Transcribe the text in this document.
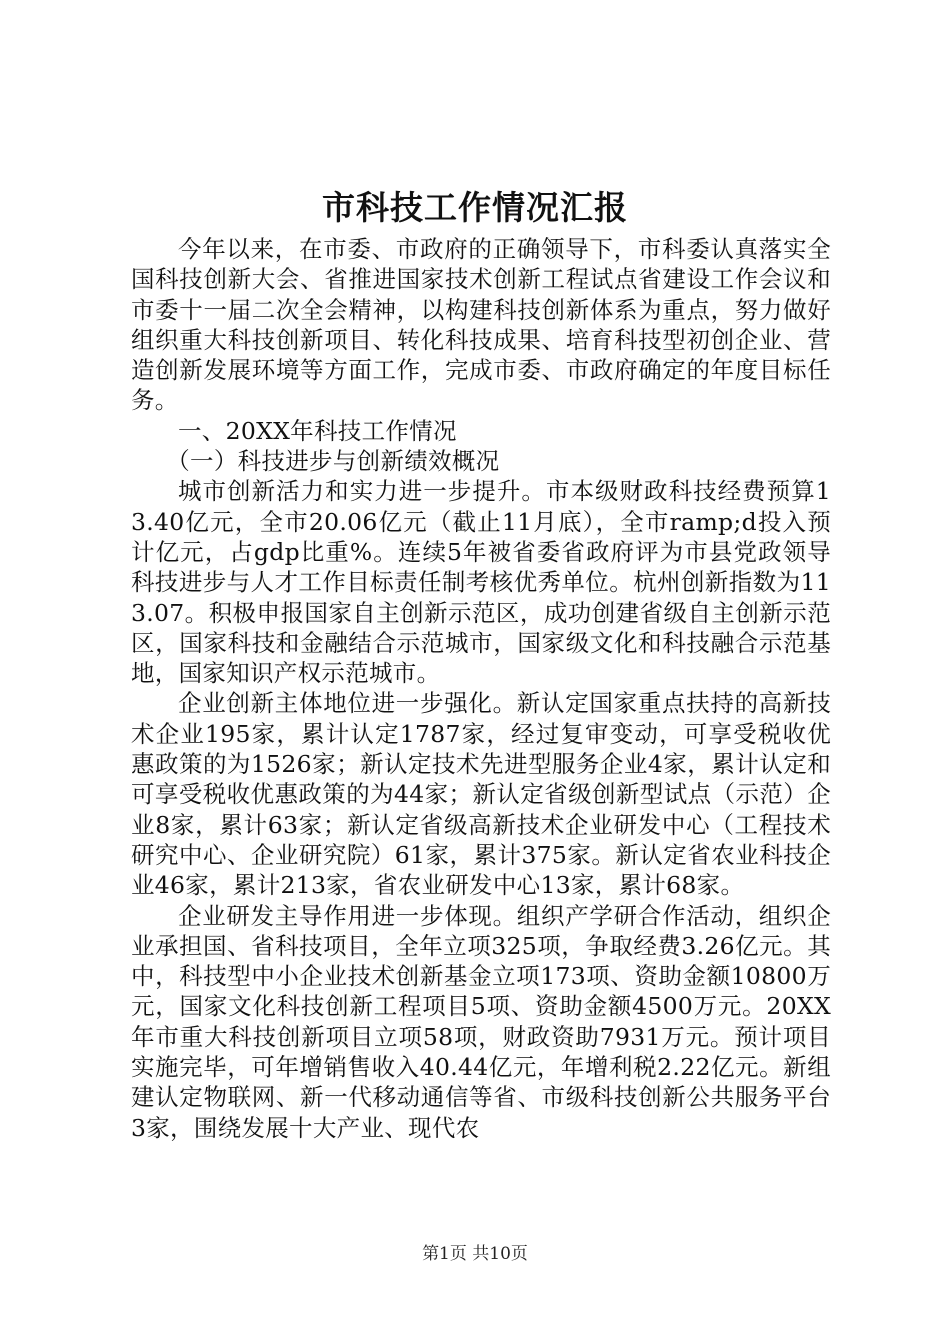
市科技工作情况汇报

今年以来，在市委、市政府的正确领导下，市科委认真落实全国科技创新大会、省推进国家技术创新工程试点省建设工作会议和市委十一届二次全会精神，以构建科技创新体系为重点，努力做好组织重大科技创新项目、转化科技成果、培育科技型初创企业、营造创新发展环境等方面工作，完成市委、市政府确定的年度目标任务。

一、20XX年科技工作情况

（一）科技进步与创新绩效概况

城市创新活力和实力进一步提升。市本级财政科技经费预算13.40亿元，全市20.06亿元（截止11月底），全市ramp;d投入预计亿元，占gdp比重%。连续5年被省委省政府评为市县党政领导科技进步与人才工作目标责任制考核优秀单位。杭州创新指数为113.07。积极申报国家自主创新示范区，成功创建省级自主创新示范区，国家科技和金融结合示范城市，国家级文化和科技融合示范基地，国家知识产权示范城市。

企业创新主体地位进一步强化。新认定国家重点扶持的高新技术企业195家，累计认定1787家，经过复审变动，可享受税收优惠政策的为1526家；新认定技术先进型服务企业4家，累计认定和可享受税收优惠政策的为44家；新认定省级创新型试点（示范）企业8家，累计63家；新认定省级高新技术企业研发中心（工程技术研究中心、企业研究院）61家，累计375家。新认定省农业科技企业46家，累计213家，省农业研发中心13家，累计68家。

企业研发主导作用进一步体现。组织产学研合作活动，组织企业承担国、省科技项目，全年立项325项，争取经费3.26亿元。其中，科技型中小企业技术创新基金立项173项、资助金额10800万元，国家文化科技创新工程项目5项、资助金额4500万元。20XX年市重大科技创新项目立项58项，财政资助7931万元。预计项目实施完毕，可年增销售收入40.44亿元，年增利税2.22亿元。新组建认定物联网、新一代移动通信等省、市级科技创新公共服务平台3家，围绕发展十大产业、现代农

第1页 共10页
